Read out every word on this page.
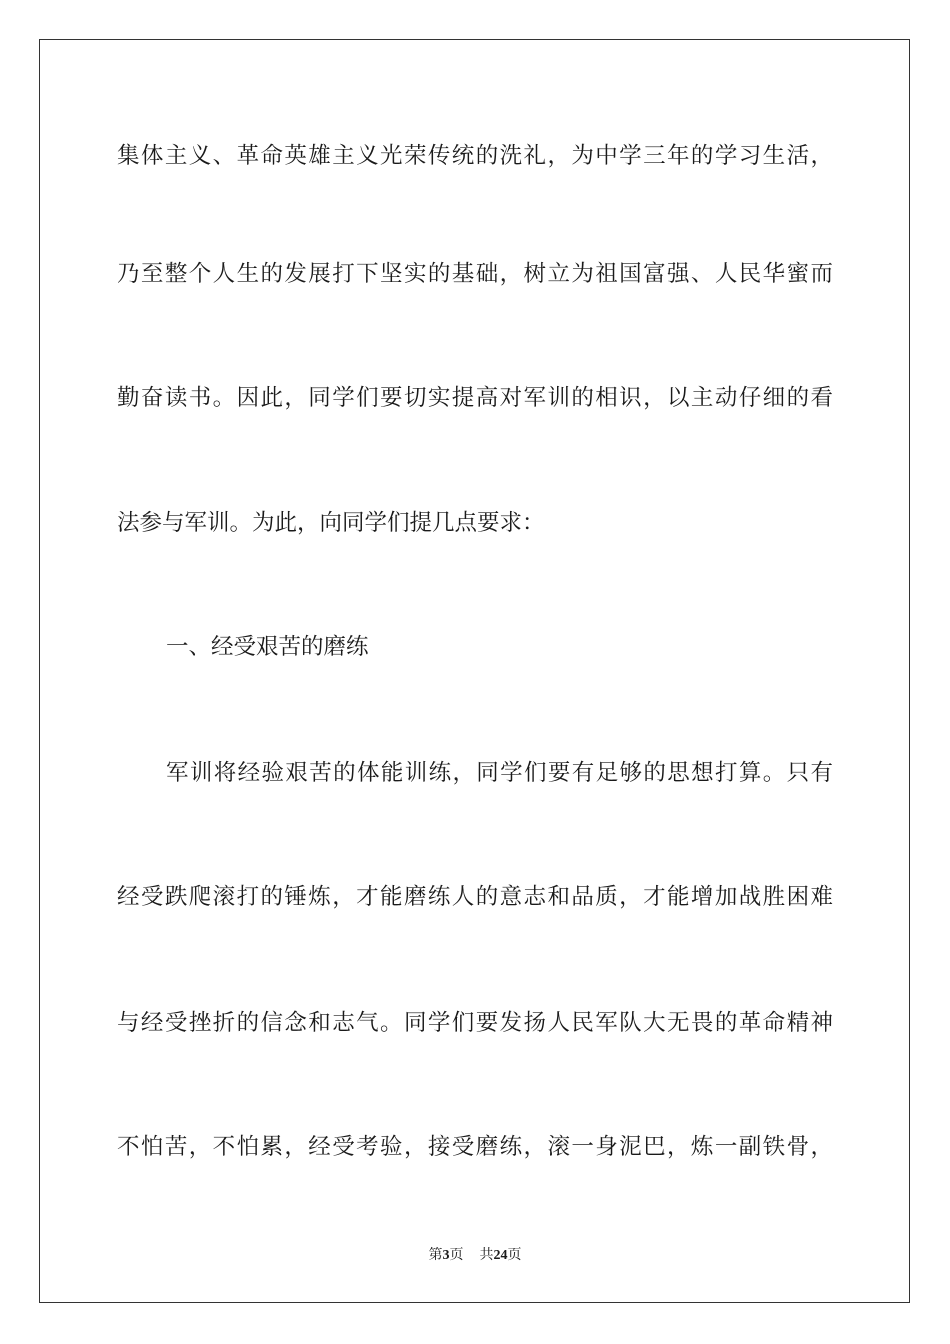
集体主义、革命英雄主义光荣传统的洗礼，为中学三年的学习生活，
乃至整个人生的发展打下坚实的基础，树立为祖国富强、人民华蜜而
勤奋读书。因此，同学们要切实提高对军训的相识，以主动仔细的看
法参与军训。为此，向同学们提几点要求：
一、经受艰苦的磨练
军训将经验艰苦的体能训练，同学们要有足够的思想打算。只有
经受跌爬滚打的锤炼，才能磨练人的意志和品质，才能增加战胜困难
与经受挫折的信念和志气。同学们要发扬人民军队大无畏的革命精神
不怕苦，不怕累，经受考验，接受磨练，滚一身泥巴，炼一副铁骨，
第3页 共24页
